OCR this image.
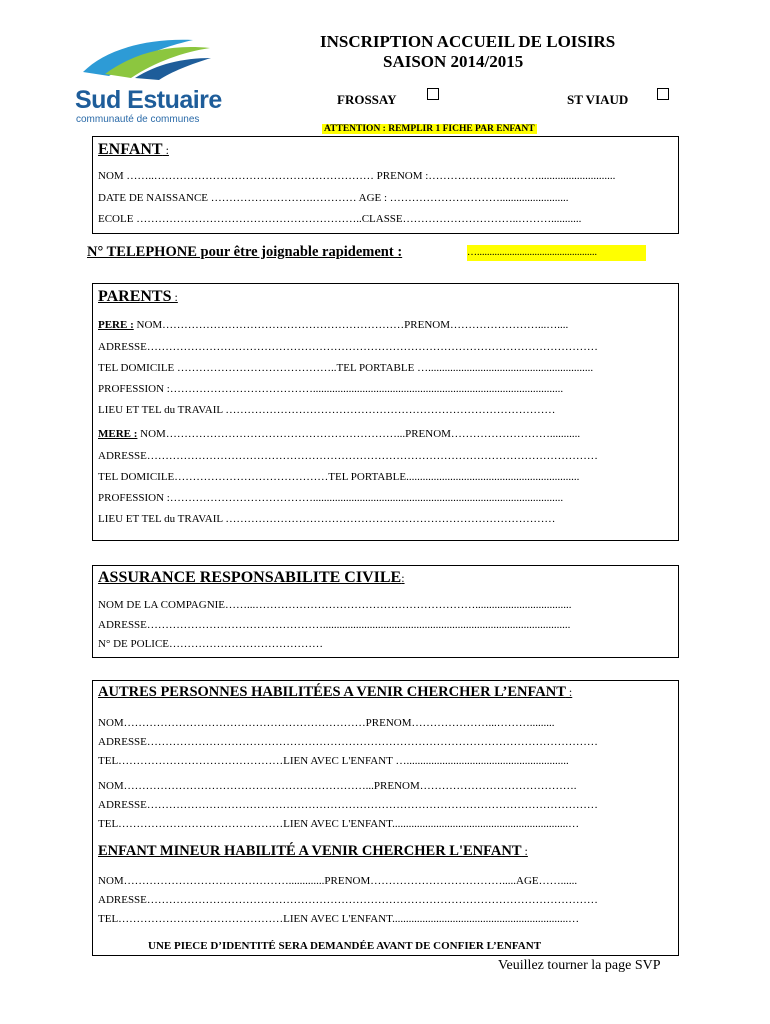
Sud Estuaire
communauté de communes
INSCRIPTION ACCUEIL DE LOISIRS
SAISON 2014/2015
FROSSAY	ST VIAUD
ATTENTION : REMPLIR 1 FICHE PAR ENFANT
ENFANT :
NOM ……..…………………………………………………… PRENOM :…………………………............................
DATE DE NAISSANCE ……………………….………… AGE : ………………………….........................
ECOLE ……………………………………………………..CLASSE…………………………..………...........
N° TELEPHONE pour être joignable rapidement :	…................................................
PARENTS :
PERE : NOM…………………………………………………………PRENOM……………………...…....
ADRESSE……………………………………………………………………………………………………………
TEL DOMICILE ……………………………………..TEL PORTABLE …............................................................
PROFESSION :…………………………………...........................................................................................
LIEU ET TEL du TRAVAIL ………………………………………………………………………………
MERE : NOM………………………………………………………...PRENOM………………………...........
ADRESSE……………………………………………………………………………………………………………
TEL DOMICILE……………………………………TEL PORTABLE...............................................................
PROFESSION :…………………………………...........................................................................................
LIEU ET TEL du TRAVAIL ………………………………………………………………………………
ASSURANCE RESPONSABILITE CIVILE:
NOM DE LA COMPAGNIE……...……………………………………………………...................................
ADRESSE…………………………………………..........................................................................................
N° DE POLICE……………………………………
AUTRES PERSONNES HABILITÉES A VENIR CHERCHER L’ENFANT :
NOM…………………………………………………………PRENOM…………………...……….........
ADRESSE……………………………………………………………………………………………………………
TEL………………………………………LIEN AVEC L'ENFANT …...........................................................
NOM…………………………………………………………...PRENOM…………………………………….
ADRESSE……………………………………………………………………………………………………………
TEL………………………………………LIEN AVEC L'ENFANT................................................................…
ENFANT MINEUR HABILITÉ A VENIR CHERCHER L'ENFANT :
NOM……………………………………….............PRENOM……………………………….....AGE……......
ADRESSE……………………………………………………………………………………………………………
TEL………………………………………LIEN AVEC L'ENFANT................................................................…
UNE PIECE D’IDENTITÉ SERA DEMANDÉE AVANT DE CONFIER L’ENFANT
Veuillez tourner la page SVP
